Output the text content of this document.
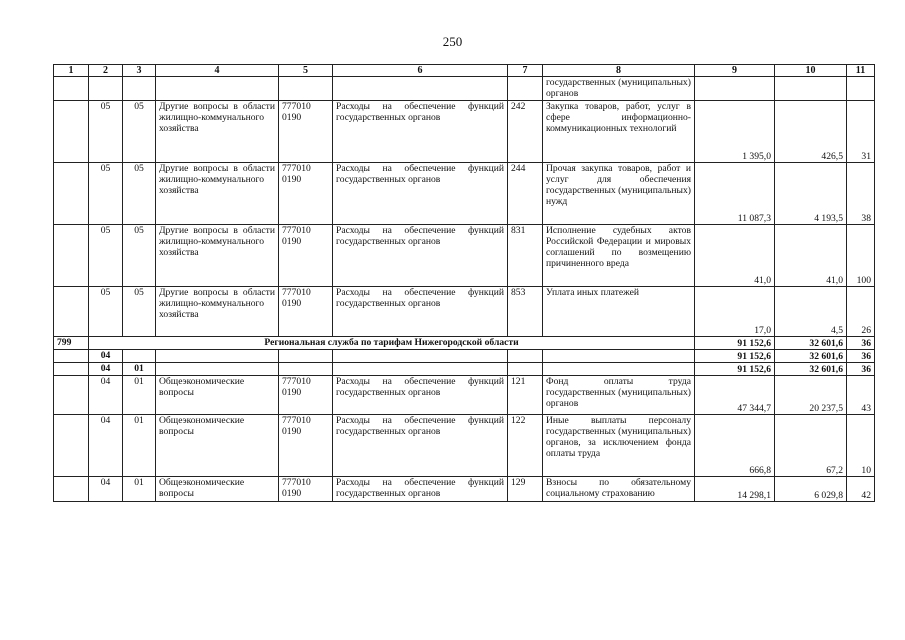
250
1	2	3	4	5	6	7	8	9	10	11
							государственных (муниципальных) органов			
	05	05	Другие вопросы в области жилищно-коммунального хозяйства	777010 0190	Расходы на обеспечение функций государственных органов	242	Закупка товаров, работ, услуг в сфере информационно-коммуникационных технологий	1 395,0	426,5	31
	05	05	Другие вопросы в области жилищно-коммунального хозяйства	777010 0190	Расходы на обеспечение функций государственных органов	244	Прочая закупка товаров, работ и услуг для обеспечения государственных (муниципальных) нужд	11 087,3	4 193,5	38
	05	05	Другие вопросы в области жилищно-коммунального хозяйства	777010 0190	Расходы на обеспечение функций государственных органов	831	Исполнение судебных актов Российской Федерации и мировых соглашений по возмещению причиненного вреда	41,0	41,0	100
	05	05	Другие вопросы в области жилищно-коммунального хозяйства	777010 0190	Расходы на обеспечение функций государственных органов	853	Уплата иных платежей	17,0	4,5	26
799	Региональная служба по тарифам Нижегородской области							91 152,6	32 601,6	36
	04							91 152,6	32 601,6	36
	04	01						91 152,6	32 601,6	36
	04	01	Общеэкономические вопросы	777010 0190	Расходы на обеспечение функций государственных органов	121	Фонд оплаты труда государственных (муниципальных) органов	47 344,7	20 237,5	43
	04	01	Общеэкономические вопросы	777010 0190	Расходы на обеспечение функций государственных органов	122	Иные выплаты персоналу государственных (муниципальных) органов, за исключением фонда оплаты труда	666,8	67,2	10
	04	01	Общеэкономические вопросы	777010 0190	Расходы на обеспечение функций государственных органов	129	Взносы по обязательному социальному страхованию	14 298,1	6 029,8	42
